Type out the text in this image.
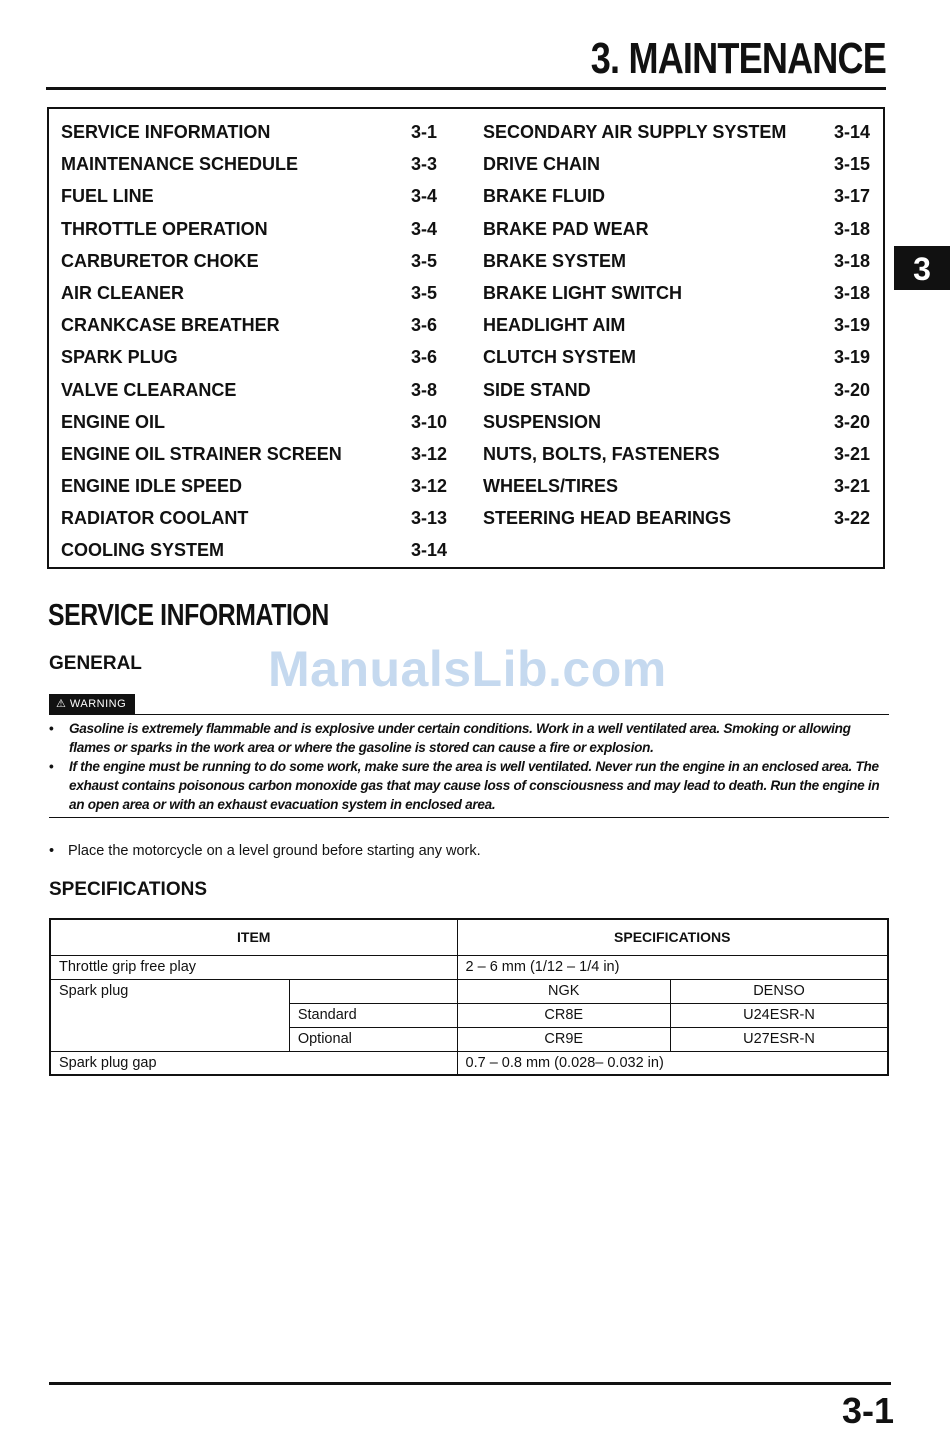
3. MAINTENANCE
SERVICE INFORMATION	3-1
MAINTENANCE SCHEDULE	3-3
FUEL LINE	3-4
THROTTLE OPERATION	3-4
CARBURETOR CHOKE	3-5
AIR CLEANER	3-5
CRANKCASE BREATHER	3-6
SPARK PLUG	3-6
VALVE CLEARANCE	3-8
ENGINE OIL	3-10
ENGINE OIL STRAINER SCREEN	3-12
ENGINE IDLE SPEED	3-12
RADIATOR COOLANT	3-13
COOLING SYSTEM	3-14
SECONDARY AIR SUPPLY SYSTEM	3-14
DRIVE CHAIN	3-15
BRAKE FLUID	3-17
BRAKE PAD WEAR	3-18
BRAKE SYSTEM	3-18
BRAKE LIGHT SWITCH	3-18
HEADLIGHT AIM	3-19
CLUTCH SYSTEM	3-19
SIDE STAND	3-20
SUSPENSION	3-20
NUTS, BOLTS, FASTENERS	3-21
WHEELS/TIRES	3-21
STEERING HEAD BEARINGS	3-22
3
SERVICE INFORMATION
GENERAL	ManualsLib.com

⚠ WARNING
• Gasoline is extremely flammable and is explosive under certain conditions. Work in a well ventilated area. Smoking or allowing flames or sparks in the work area or where the gasoline is stored can cause a fire or explosion.
• If the engine must be running to do some work, make sure the area is well ventilated. Never run the engine in an enclosed area. The exhaust contains poisonous carbon monoxide gas that may cause loss of consciousness and may lead to death. Run the engine in an open area or with an exhaust evacuation system in enclosed area.
• Place the motorcycle on a level ground before starting any work.
SPECIFICATIONS
ITEM		SPECIFICATIONS	
Throttle grip free play		2 – 6 mm (1/12 – 1/4 in)	
Spark plug		NGK	DENSO
	Standard	CR8E	U24ESR-N
	Optional	CR9E	U27ESR-N
Spark plug gap		0.7 – 0.8 mm (0.028– 0.032 in)	

3-1
